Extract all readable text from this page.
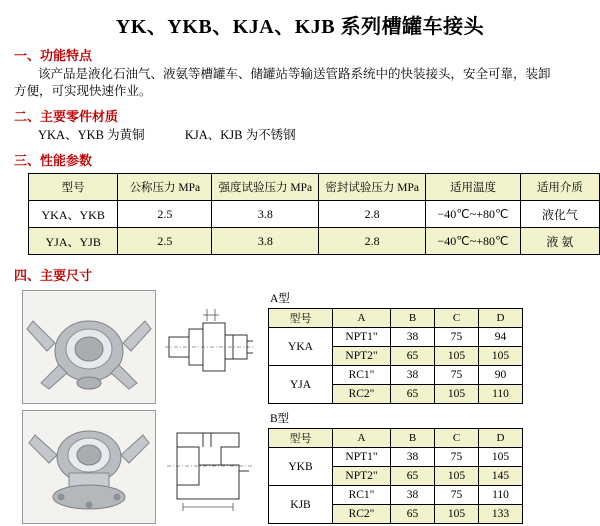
YK、YKB、KJA、KJB 系列槽罐车接头
一、功能特点
该产品是液化石油气、液氨等槽罐车、储罐站等输送管路系统中的快装接头，安全可靠，装卸
方便，可实现快速作业。
二、主要零件材质
YKA、YKB 为黄铜	KJA、KJB 为不锈钢
三、性能参数
型号	公称压力 MPa	强度试验压力 MPa	密封试验压力 MPa	适用温度	适用介质
YKA、YKB	2.5	3.8	2.8	−40℃~+80℃	液化气
YJA、YJB	2.5	3.8	2.8	−40℃~+80℃	液 氨
四、主要尺寸
A型
型号	A	B	C	D
YKA	NPT1"	38	75	94
	NPT2"	65	105	105
YJA	RC1"	38	75	90
	RC2"	65	105	110
B型
型号	A	B	C	D
YKB	NPT1"	38	75	105
	NPT2"	65	105	145
KJB	RC1"	38	75	110
	RC2"	65	105	133
